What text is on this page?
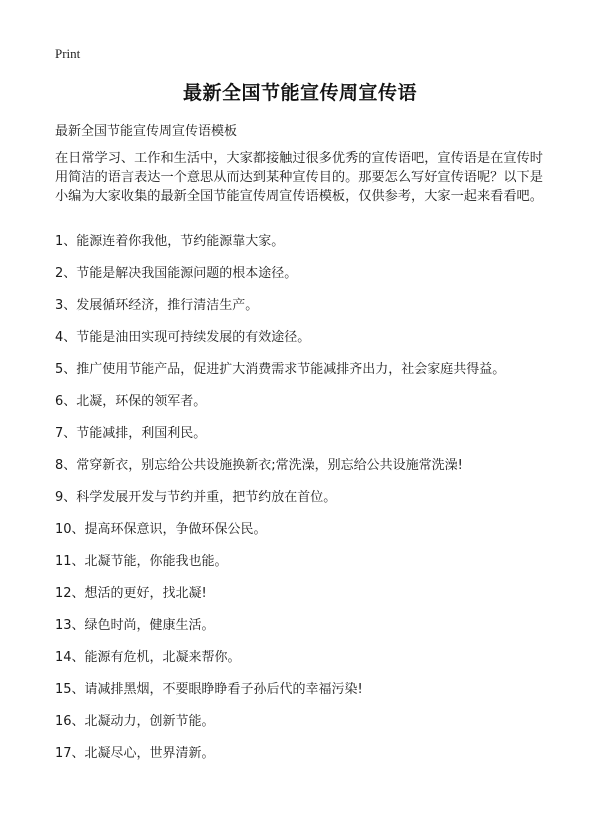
Print
最新全国节能宣传周宣传语
最新全国节能宣传周宣传语模板

在日常学习、工作和生活中，大家都接触过很多优秀的宣传语吧，宣传语是在宣传时用简洁的语言表达一个意思从而达到某种宣传目的。那要怎么写好宣传语呢？以下是小编为大家收集的最新全国节能宣传周宣传语模板，仅供参考，大家一起来看看吧。

1、能源连着你我他，节约能源靠大家。
2、节能是解决我国能源问题的根本途径。
3、发展循环经济，推行清洁生产。
4、节能是油田实现可持续发展的有效途径。
5、推广使用节能产品，促进扩大消费需求节能减排齐出力，社会家庭共得益。
6、北凝，环保的领军者。
7、节能减排，利国利民。
8、常穿新衣，别忘给公共设施换新衣;常洗澡，别忘给公共设施常洗澡!
9、科学发展开发与节约并重，把节约放在首位。
10、提高环保意识，争做环保公民。
11、北凝节能，你能我也能。
12、想活的更好，找北凝!
13、绿色时尚，健康生活。
14、能源有危机，北凝来帮你。
15、请减排黑烟，不要眼睁睁看子孙后代的幸福污染!
16、北凝动力，创新节能。
17、北凝尽心，世界清新。
